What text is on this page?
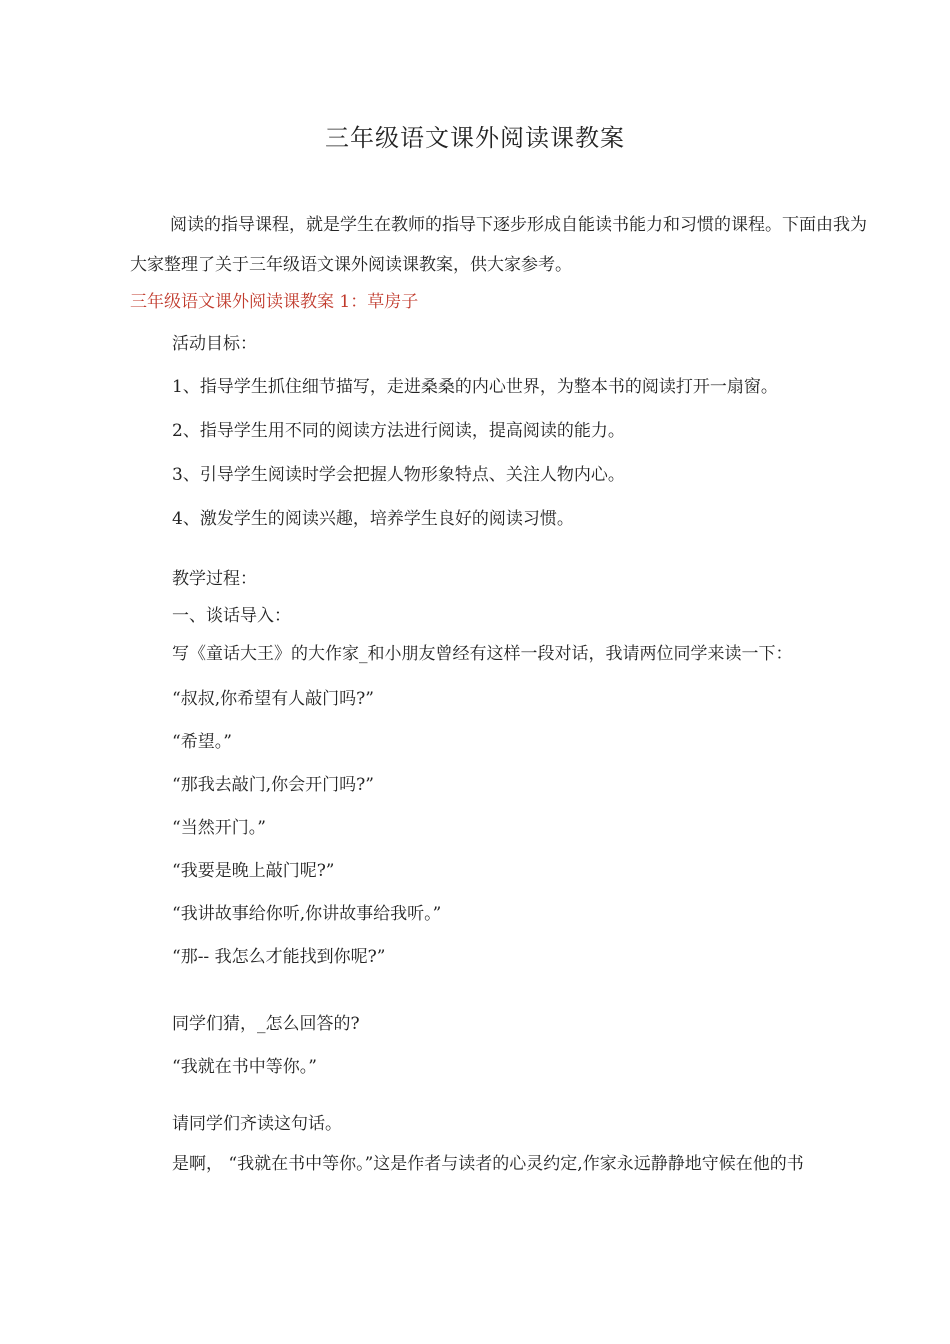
三年级语文课外阅读课教案

阅读的指导课程，就是学生在教师的指导下逐步形成自能读书能力和习惯的课程。下面由我为大家整理了关于三年级语文课外阅读课教案，供大家参考。

三年级语文课外阅读课教案 1：草房子
活动目标：
1、指导学生抓住细节描写，走进桑桑的内心世界，为整本书的阅读打开一扇窗。
2、指导学生用不同的阅读方法进行阅读，提高阅读的能力。
3、引导学生阅读时学会把握人物形象特点、关注人物内心。
4、激发学生的阅读兴趣，培养学生良好的阅读习惯。
教学过程：
一、谈话导入：
写《童话大王》的大作家_和小朋友曾经有这样一段对话，我请两位同学来读一下：
“叔叔,你希望有人敲门吗?”
“希望。”
“那我去敲门,你会开门吗?”
“当然开门。”
“我要是晚上敲门呢?”
“我讲故事给你听,你讲故事给我听。”
“那-- 我怎么才能找到你呢?”
同学们猜，_怎么回答的?
“我就在书中等你。”
请同学们齐读这句话。
是啊， “我就在书中等你。”这是作者与读者的心灵约定,作家永远静静地守候在他的书
